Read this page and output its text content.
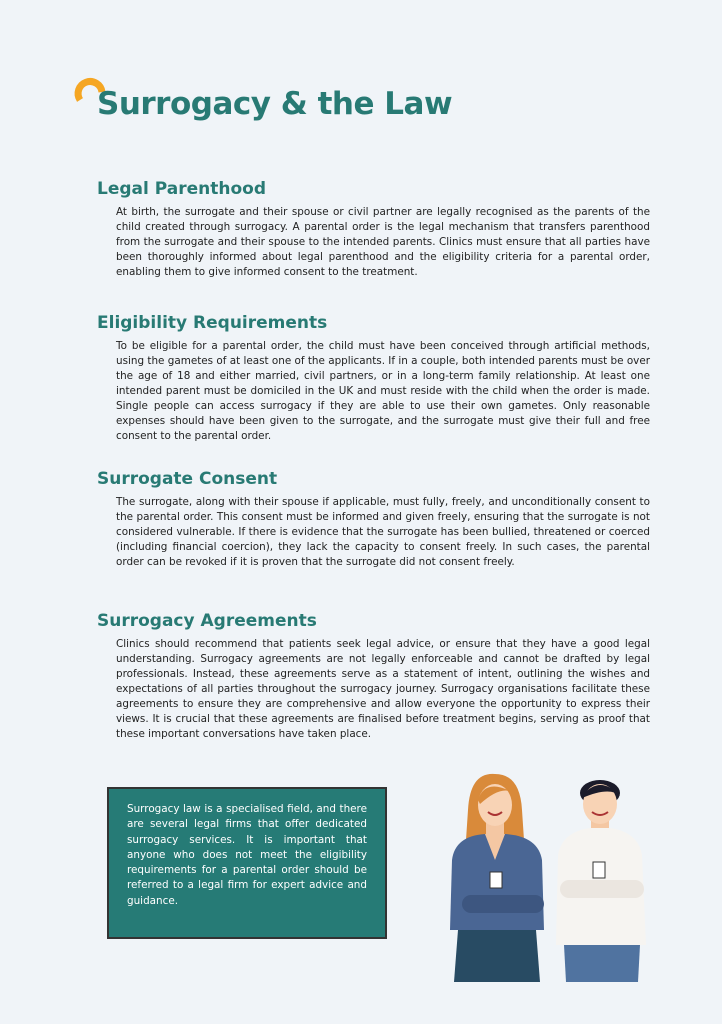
Surrogacy & the Law
Legal Parenthood

At birth, the surrogate and their spouse or civil partner are legally recognised as the parents of the child created through surrogacy. A parental order is the legal mechanism that transfers parenthood from the surrogate and their spouse to the intended parents. Clinics must ensure that all parties have been thoroughly informed about legal parenthood and the eligibility criteria for a parental order, enabling them to give informed consent to the treatment.

Eligibility Requirements

To be eligible for a parental order, the child must have been conceived through artificial methods, using the gametes of at least one of the applicants. If in a couple, both intended parents must be over the age of 18 and either married, civil partners, or in a long-term family relationship. At least one intended parent must be domiciled in the UK and must reside with the child when the order is made. Single people can access surrogacy if they are able to use their own gametes. Only reasonable expenses should have been given to the surrogate, and the surrogate must give their full and free consent to the parental order.

Surrogate Consent

The surrogate, along with their spouse if applicable, must fully, freely, and unconditionally consent to the parental order. This consent must be informed and given freely, ensuring that the surrogate is not considered vulnerable. If there is evidence that the surrogate has been bullied, threatened or coerced (including financial coercion), they lack the capacity to consent freely. In such cases, the parental order can be revoked if it is proven that the surrogate did not consent freely.

Surrogacy Agreements

Clinics should recommend that patients seek legal advice, or ensure that they have a good legal understanding. Surrogacy agreements are not legally enforceable and cannot be drafted by legal professionals. Instead, these agreements serve as a statement of intent, outlining the wishes and expectations of all parties throughout the surrogacy journey. Surrogacy organisations facilitate these agreements to ensure they are comprehensive and allow everyone the opportunity to express their views. It is crucial that these agreements are finalised before treatment begins, serving as proof that these important conversations have taken place.

Surrogacy law is a specialised field, and there are several legal firms that offer dedicated surrogacy services. It is important that anyone who does not meet the eligibility requirements for a parental order should be referred to a legal firm for expert advice and guidance.
